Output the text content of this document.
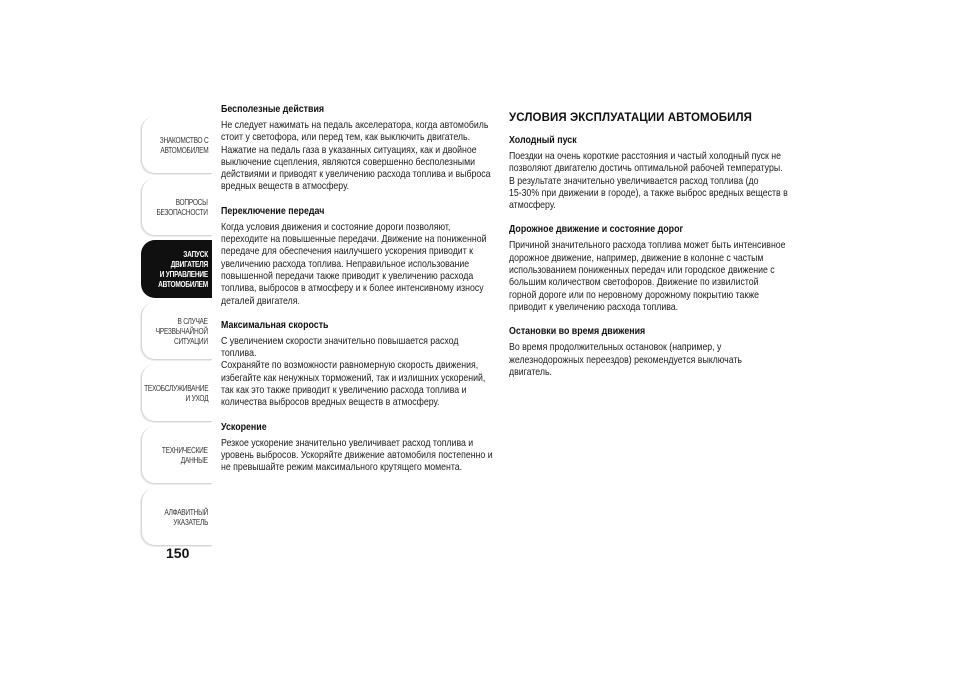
ЗНАКОМСТВО С
АВТОМОБИЛЕМ
ВОПРОСЫ
БЕЗОПАСНОСТИ
ЗАПУСК ДВИГАТЕЛЯ
И УПРАВЛЕНИЕ
АВТОМОБИЛЕМ
В СЛУЧАЕ
ЧРЕЗВЫЧАЙНОЙ
СИТУАЦИИ
ТЕХОБСЛУЖИВАНИЕ
И УХОД
ТЕХНИЧЕСКИЕ
ДАННЫЕ
АЛФАВИТНЫЙ
УКАЗАТЕЛЬ
150
Бесполезные действия
Не следует нажимать на педаль акселератора, когда автомобиль
стоит у светофора, или перед тем, как выключить двигатель.
Нажатие на педаль газа в указанных ситуациях, как и двойное
выключение сцепления, являются совершенно бесполезными
действиями и приводят к увеличению расхода топлива и выброса
вредных веществ в атмосферу.
Переключение передач
Когда условия движения и состояние дороги позволяют,
переходите на повышенные передачи. Движение на пониженной
передаче для обеспечения наилучшего ускорения приводит к
увеличению расхода топлива. Неправильное использование
повышенной передачи также приводит к увеличению расхода
топлива, выбросов в атмосферу и к более интенсивному износу
деталей двигателя.
Максимальная скорость
С увеличением скорости значительно повышается расход топлива.
Сохраняйте по возможности равномерную скорость движения,
избегайте как ненужных торможений, так и излишних ускорений,
так как это также приводит к увеличению расхода топлива и
количества выбросов вредных веществ в атмосферу.
Ускорение
Резкое ускорение значительно увеличивает расход топлива и
уровень выбросов. Ускоряйте движение автомобиля постепенно и
не превышайте режим максимального крутящего момента.
УСЛОВИЯ ЭКСПЛУАТАЦИИ АВТОМОБИЛЯ
Холодный пуск
Поездки на очень короткие расстояния и частый холодный пуск не
позволяют двигателю достичь оптимальной рабочей температуры.
В результате значительно увеличивается расход топлива (до
15-30% при движении в городе), а также выброс вредных веществ в
атмосферу.
Дорожное движение и состояние дорог
Причиной значительного расхода топлива может быть интенсивное
дорожное движение, например, движение в колонне с частым
использованием пониженных передач или городское движение с
большим количеством светофоров. Движение по извилистой
горной дороге или по неровному дорожному покрытию также
приводит к увеличению расхода топлива.
Остановки во время движения
Во время продолжительных остановок (например, у
железнодорожных переездов) рекомендуется выключать
двигатель.
